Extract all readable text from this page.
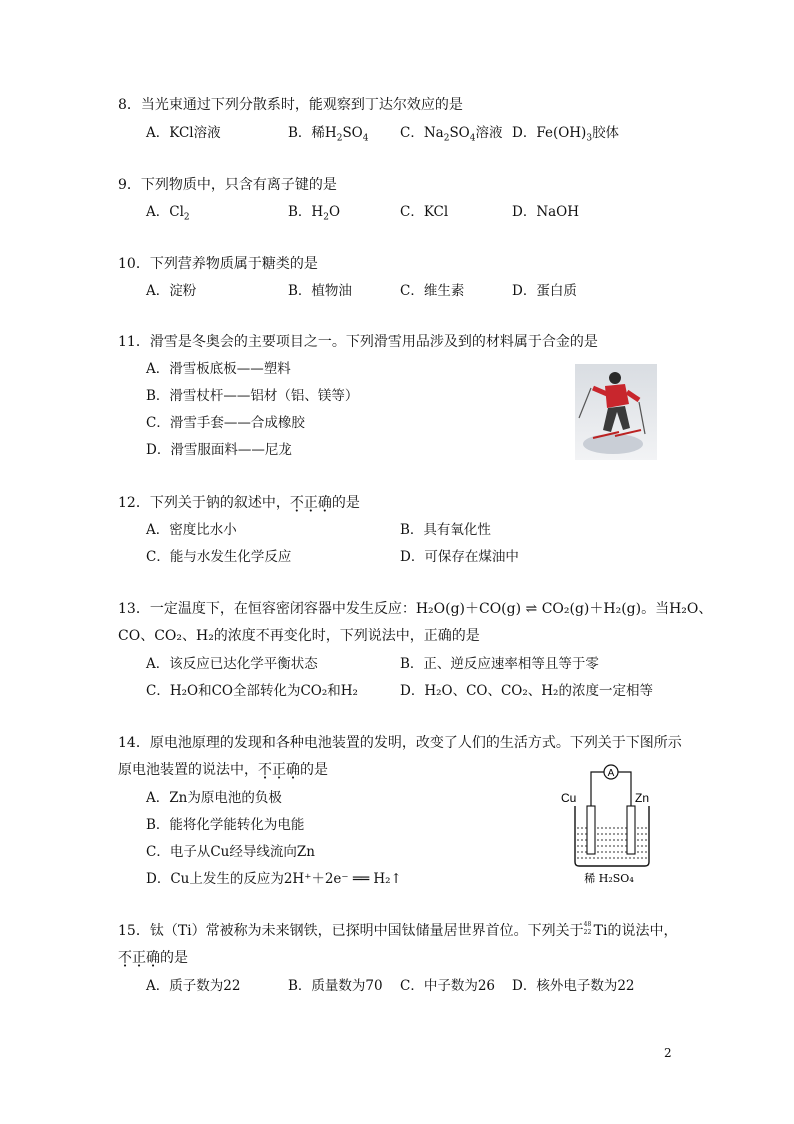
8．当光束通过下列分散系时，能观察到丁达尔效应的是
A．KCl溶液	B．稀$H_2SO_4$ C．$Na_2SO_4$溶液 D．$Fe(OH)_3$胶体
9．下列物质中，只含有离子键的是
A．$Cl_2$	B．$H_2O$	C．KCl	D．NaOH
10．下列营养物质属于糖类的是
A．淀粉	B．植物油	C．维生素	D．蛋白质
11．滑雪是冬奥会的主要项目之一。下列滑雪用品涉及到的材料属于合金的是
A．滑雪板底板——塑料
B．滑雪杖杆——铝材（铝、镁等）
C．滑雪手套——合成橡胶
D．滑雪服面料——尼龙
12．下列关于钠的叙述中，不正确的是
A．密度比水小	B．具有氧化性
C．能与水发生化学反应	D．可保存在煤油中
13．一定温度下，在恒容密闭容器中发生反应：H₂O(g)＋CO(g) ⇌ CO₂(g)＋H₂(g)。当H₂O、
CO、CO₂、H₂的浓度不再变化时，下列说法中，正确的是
A．该反应已达化学平衡状态	B．正、逆反应速率相等且等于零
C．H₂O和CO全部转化为CO₂和H₂	D．H₂O、CO、CO₂、H₂的浓度一定相等
14．原电池原理的发现和各种电池装置的发明，改变了人们的生活方式。下列关于下图所示
原电池装置的说法中，不正确的是
A．Zn为原电池的负极
B．能将化学能转化为电能
C．电子从Cu经导线流向Zn
D．Cu上发生的反应为2H⁺＋2e⁻ ══ H₂↑
A
Cu	Zn
稀 H₂SO₄
15．钛（Ti）常被称为未来钢铁，已探明中国钛储量居世界首位。下列关于 48
22 Ti的说法中，
不正确的是
A．质子数为22	B．质量数为70 C．中子数为26 D．核外电子数为22
2
